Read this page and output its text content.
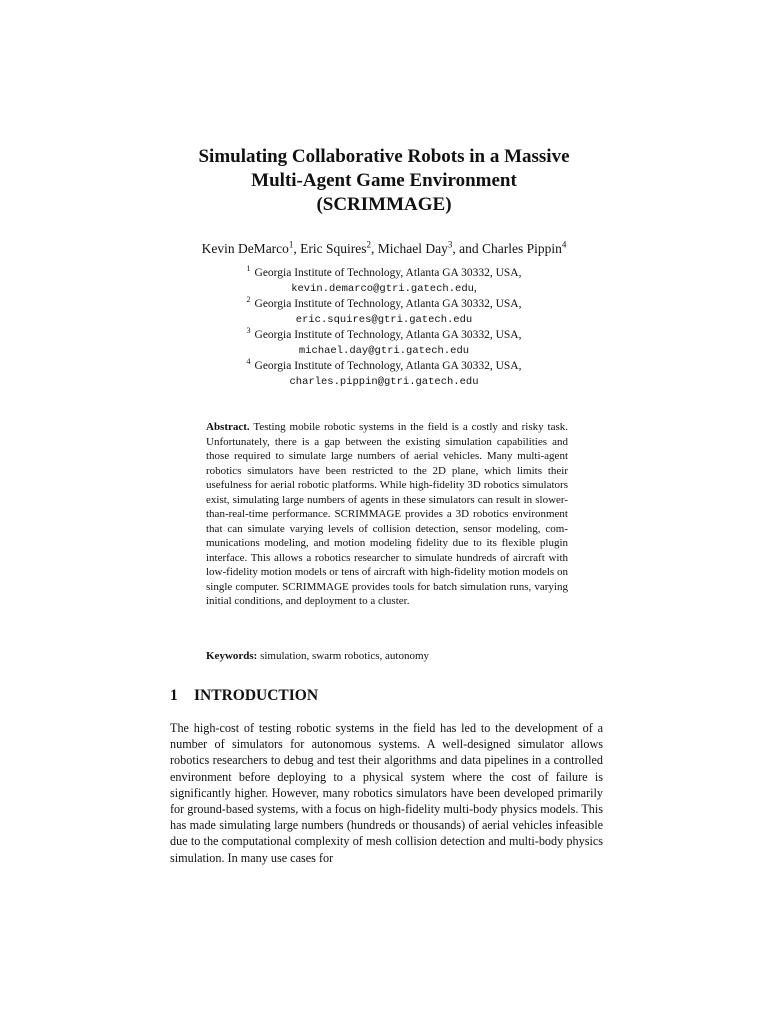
Simulating Collaborative Robots in a Massive
Multi-Agent Game Environment
(SCRIMMAGE)
Kevin DeMarco$^1$, Eric Squires$^2$, Michael Day$^3$, and Charles Pippin$^4$
$^1$ Georgia Institute of Technology, Atlanta GA 30332, USA,
kevin.demarco@gtri.gatech.edu,
$^2$ Georgia Institute of Technology, Atlanta GA 30332, USA,
eric.squires@gtri.gatech.edu
$^3$ Georgia Institute of Technology, Atlanta GA 30332, USA,
michael.day@gtri.gatech.edu
$^4$ Georgia Institute of Technology, Atlanta GA 30332, USA,
charles.pippin@gtri.gatech.edu
Abstract. Testing mobile robotic systems in the field is a costly and risky task. Unfortunately, there is a gap between the existing simulation capabilities and those required to simulate large numbers of aerial vehicles. Many multi-agent robotics simulators have been restricted to the 2D plane, which limits their usefulness for aerial robotic platforms. While high-fidelity 3D robotics simulators exist, simulating large numbers of agents in these simulators can result in slower-than-real-time performance. SCRIMMAGE provides a 3D robotics environment that can simulate varying levels of collision detection, sensor modeling, communications modeling, and motion modeling fidelity due to its flexible plugin interface. This allows a robotics researcher to simulate hundreds of aircraft with low-fidelity motion models or tens of aircraft with high-fidelity motion models on single computer. SCRIMMAGE provides tools for batch simulation runs, varying initial conditions, and deployment to a cluster.
Keywords: simulation, swarm robotics, autonomy
1 INTRODUCTION
The high-cost of testing robotic systems in the field has led to the development of a number of simulators for autonomous systems. A well-designed simulator allows robotics researchers to debug and test their algorithms and data pipelines in a controlled environment before deploying to a physical system where the cost of failure is significantly higher. However, many robotics simulators have been developed primarily for ground-based systems, with a focus on high-fidelity multi-body physics models. This has made simulating large numbers (hundreds or thousands) of aerial vehicles infeasible due to the computational complexity of mesh collision detection and multi-body physics simulation. In many use cases for
